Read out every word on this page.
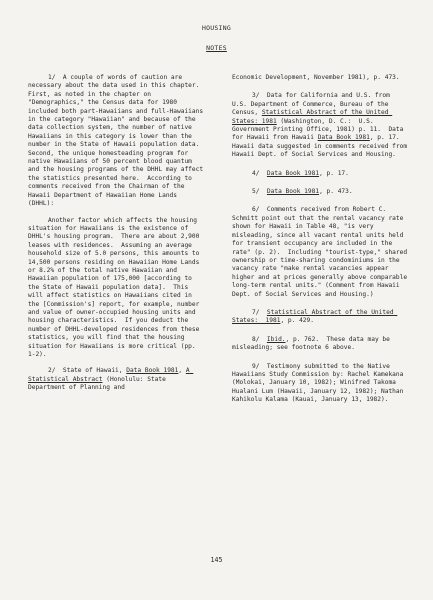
HOUSING
NOTES

1/  A couple of words of caution are necessary about the data used in this chapter.  First, as noted in the chapter on "Demographics," the Census data for 1980 included both part-Hawaiians and full-Hawaiians in the category "Hawaiian" and because of the data collection system, the number of native Hawaiians in this category is lower than the number in the State of Hawaii population data.  Second, the unique homesteading program for native Hawaiians of 50 percent blood quantum and the housing programs of the DHHL may affect the statistics presented here.  According to comments received from the Chairman of the Hawaii Department of Hawaiian Home Lands (DHHL):

Another factor which affects the housing situation for Hawaiians is the existence of DHHL's housing program.  There are about 2,900 leases with residences.  Assuming an average household size of 5.0 persons, this amounts to 14,500 persons residing on Hawaiian Home Lands or 8.2% of the total native Hawaiian and Hawaiian population of 175,000 [according to the State of Hawaii population data].  This will affect statistics on Hawaiians cited in the [Commission's] report, for example, number and value of owner-occupied housing units and housing characteristics.  If you deduct the number of DHHL-developed residences from these statistics, you will find that the housing situation for Hawaiians is more critical (pp. 1-2).

2/  State of Hawaii, Data Book 1981, A Statistical Abstract (Honolulu: State Department of Planning and

Economic Development, November 1981), p. 473.

3/  Data for California and U.S. from U.S. Department of Commerce, Bureau of the Census, Statistical Abstract of the United States: 1981 (Washington, D. C.:  U.S. Government Printing Office, 1981) p. 11.  Data for Hawaii from Hawaii Data Book 1981, p. 17.  Hawaii data suggested in comments received from Hawaii Dept. of Social Services and Housing.

4/  Data Book 1981, p. 17.

5/  Data Book 1981, p. 473.

6/  Comments received from Robert C. Schmitt point out that the rental vacancy rate shown for Hawaii in Table 48, "is very misleading, since all vacant rental units held for transient occupancy are included in the rate" (p. 2).  Including "tourist-type," shared ownership or time-sharing condominiums in the vacancy rate "make rental vacancies appear higher and at prices generally above comparable long-term rental units." (Comment from Hawaii Dept. of Social Services and Housing.)

7/  Statistical Abstract of the United States:  1981, p. 429.

8/  Ibid., p. 762.  These data may be misleading; see footnote 6 above.

9/  Testimony submitted to the Native Hawaiians Study Commission by: Rachel Kamekana (Molokai, January 10, 1982); Winifred Takoma Hualani Lum (Hawaii, January 12, 1982); Nathan Kahikolu Kalama (Kauai, January 13, 1982).

145
